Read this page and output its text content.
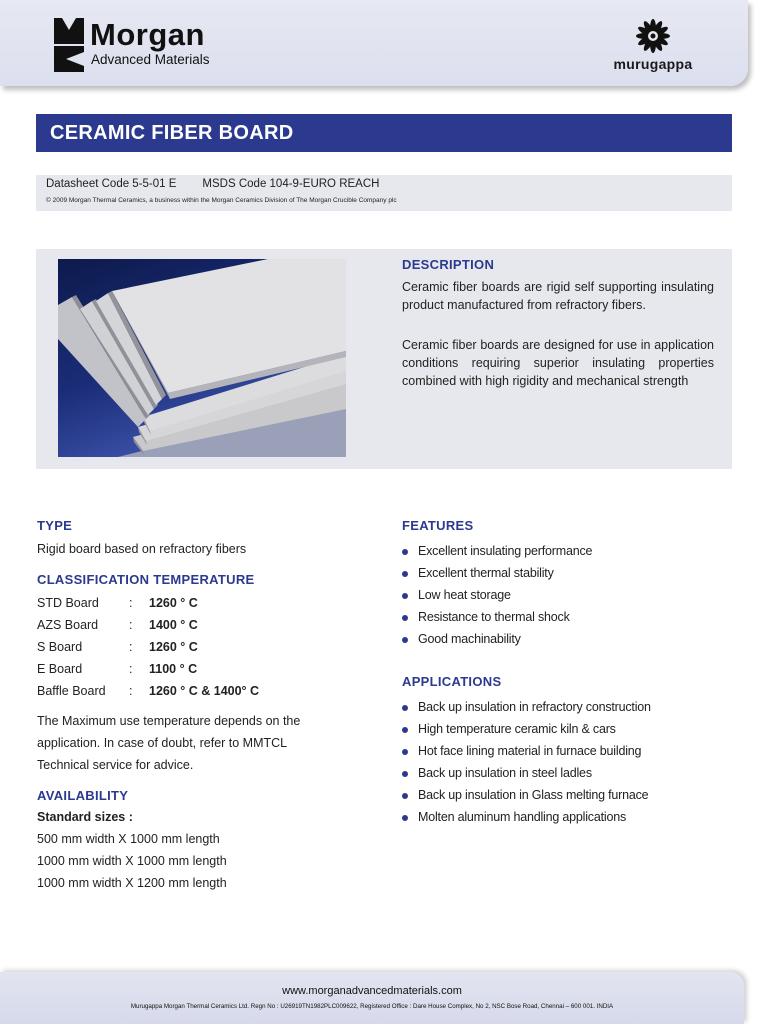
Morgan
Advanced Materials	murugappa
CERAMIC FIBER BOARD
Datasheet Code 5-5-01 E MSDS Code 104-9-EURO REACH
© 2009 Morgan Thermal Ceramics, a business within the Morgan Ceramics Division of The Morgan Crucible Company plc
DESCRIPTION

Ceramic fiber boards are rigid self supporting insulating product manufactured from refractory fibers.

Ceramic fiber boards are designed for use in application conditions requiring superior insulating properties combined with high rigidity and mechanical strength

TYPE
Rigid board based on refractory fibers
CLASSIFICATION TEMPERATURE
STD Board	:	1260 ° C
AZS Board	:	1400 ° C
S Board	:	1260 ° C
E Board	:	1100 ° C
Baffle Board	:	1260 ° C & 1400° C

The Maximum use temperature depends on the application. In case of doubt, refer to MMTCL Technical service for advice.

AVAILABILITY
Standard sizes :
500 mm width X 1000 mm length
1000 mm width X 1000 mm length
1000 mm width X 1200 mm length
FEATURES
Excellent insulating performance
Excellent thermal stability
Low heat storage
Resistance to thermal shock
Good machinability
APPLICATIONS
Back up insulation in refractory construction
High temperature ceramic kiln & cars
Hot face lining material in furnace building
Back up insulation in steel ladles
Back up insulation in Glass melting furnace
Molten aluminum handling applications
www.morganadvancedmaterials.com
Murugappa Morgan Thermal Ceramics Ltd. Regn No : U26919TN1982PLC009622, Registered Office : Dare House Complex, No 2, NSC Bose Road, Chennai – 600 001. INDIA
